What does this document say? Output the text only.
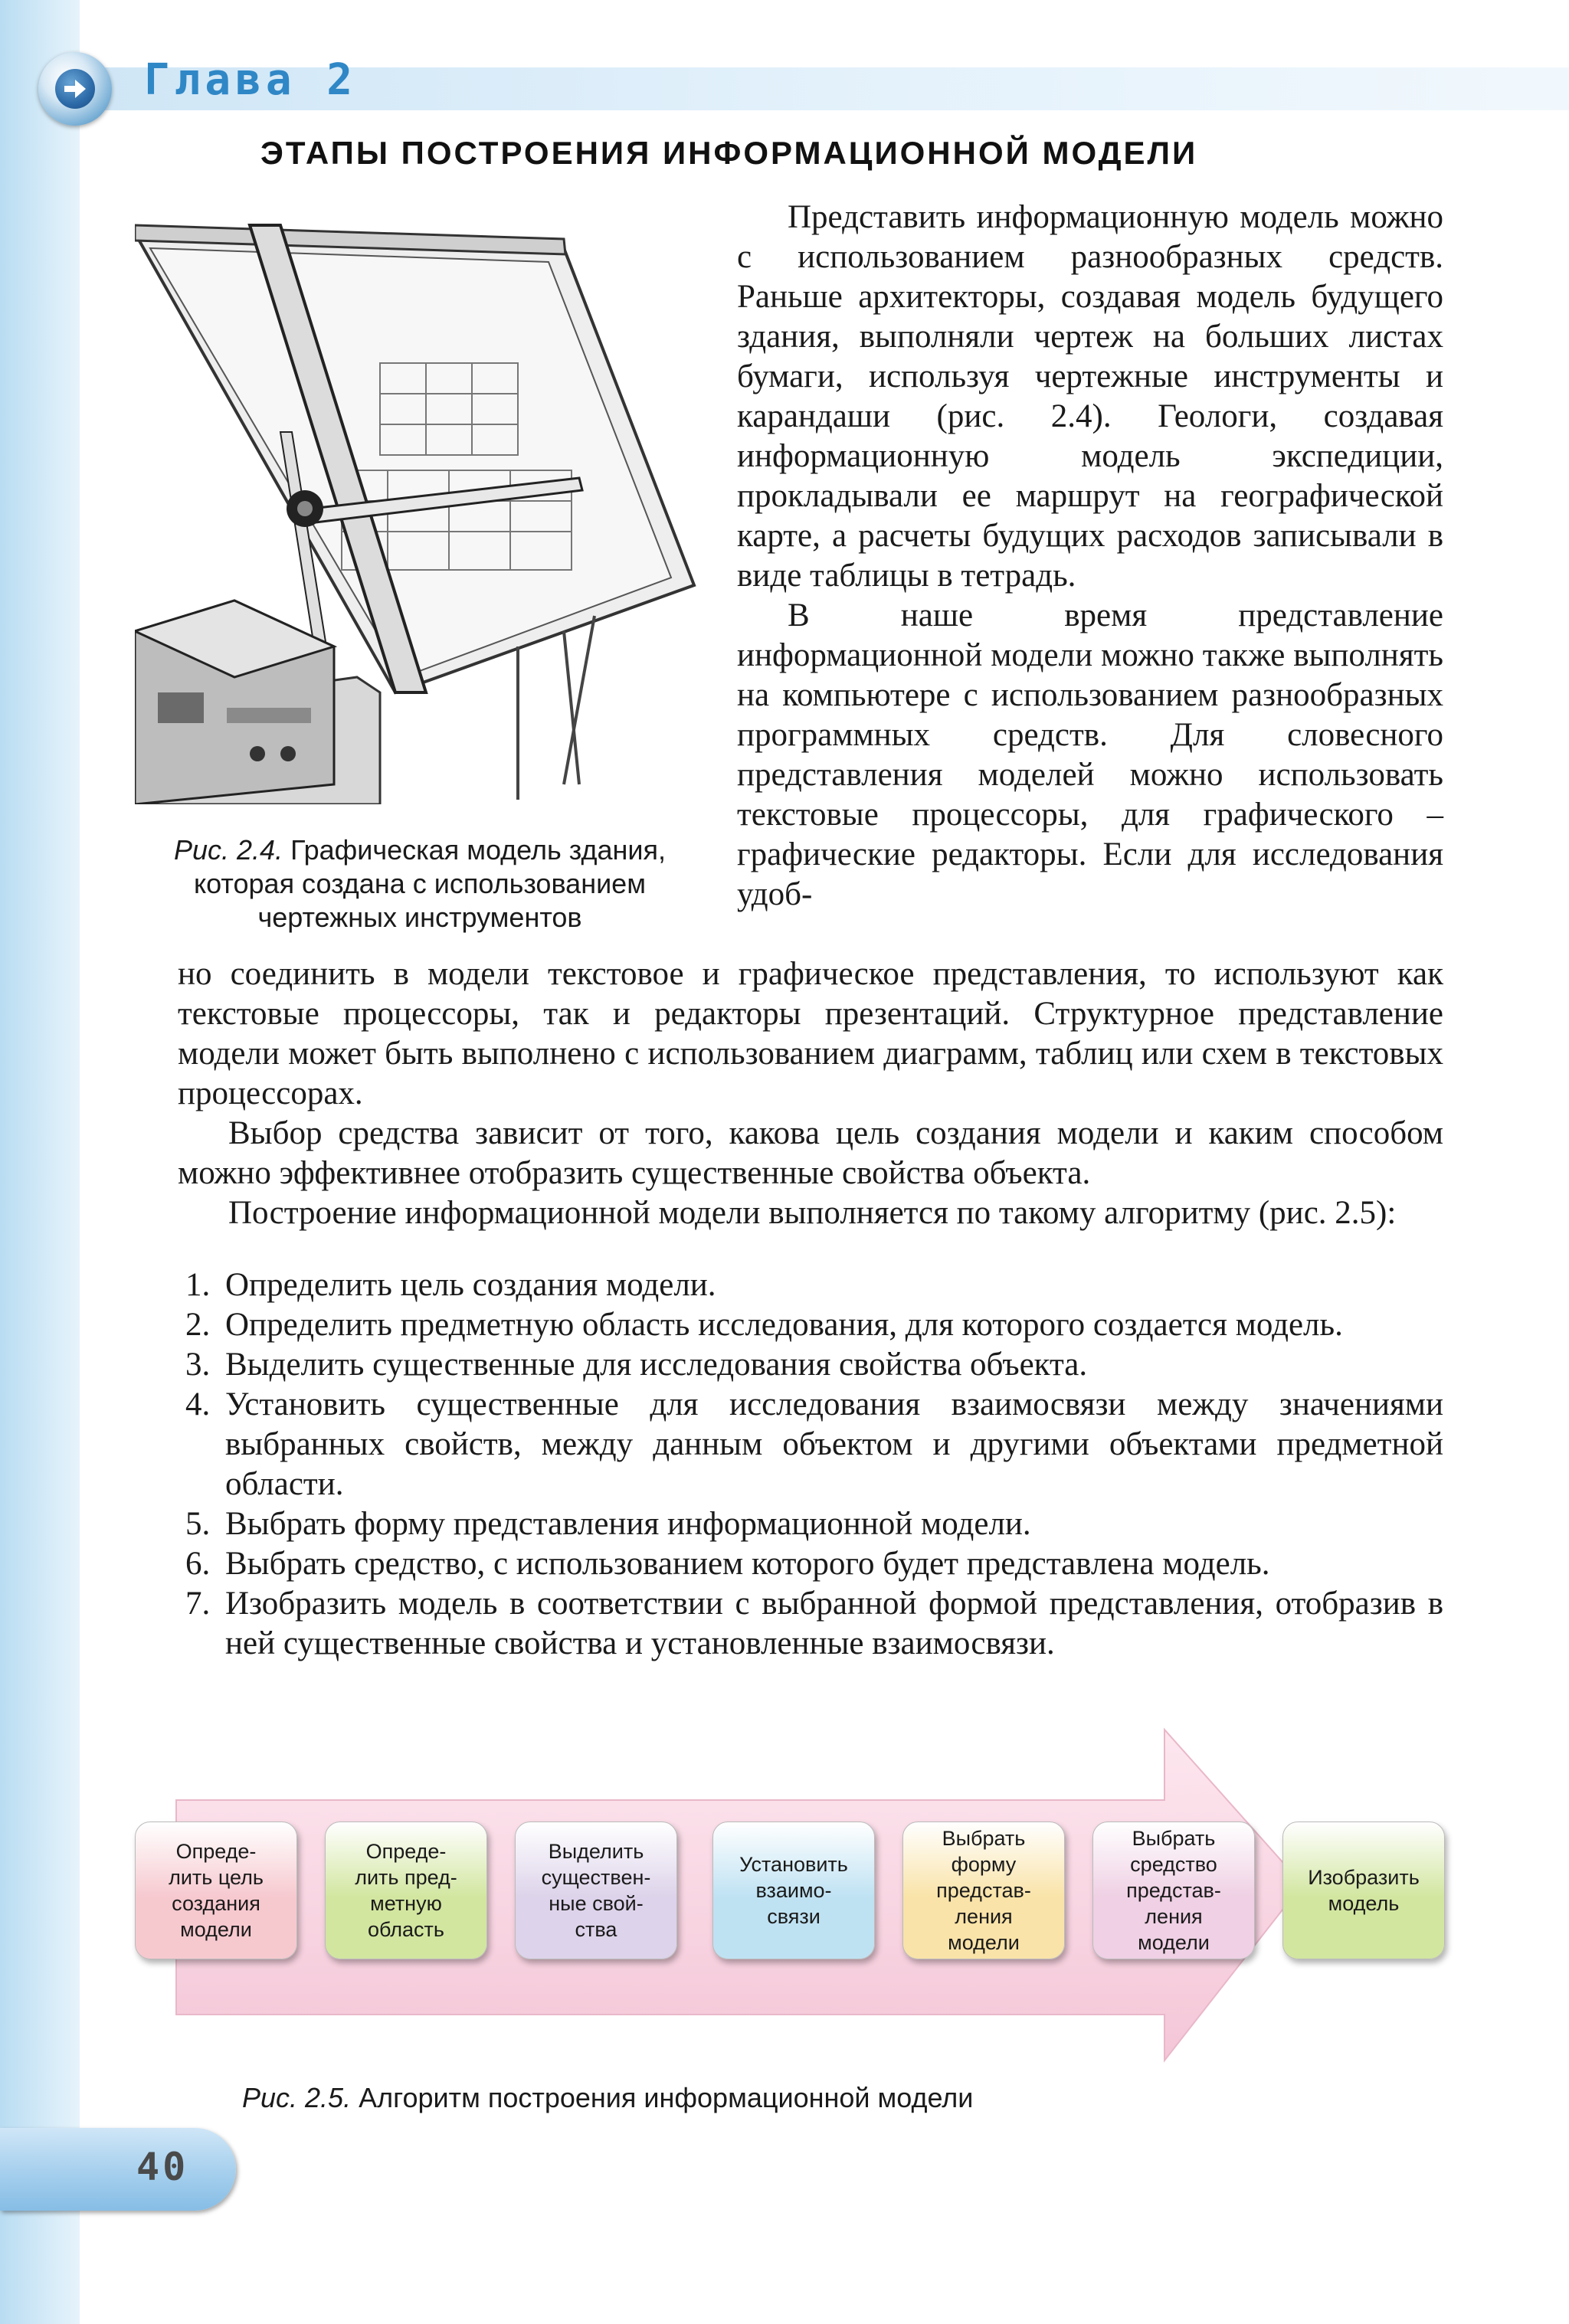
Глава 2
ЭТАПЫ ПОСТРОЕНИЯ ИНФОРМАЦИОННОЙ МОДЕЛИ
Рис. 2.4. Графическая модель здания, которая создана с использованием чертежных инструментов

Представить информационную модель можно с использованием разнообразных средств. Раньше архитекторы, создавая модель будущего здания, выполняли чертеж на больших листах бумаги, используя чертежные инструменты и карандаши (рис. 2.4). Геологи, создавая информационную модель экспедиции, прокладывали ее маршрут на географической карте, а расчеты будущих расходов записывали в виде таблицы в тетрадь.

В наше время представление информационной модели можно также выполнять на компьютере с использованием разнообразных программных средств. Для словесного представления моделей можно использовать текстовые процессоры, для графического – графические редакторы. Если для исследования удоб-

но соединить в модели текстовое и графическое представления, то используют как текстовые процессоры, так и редакторы презентаций. Структурное представление модели может быть выполнено с использованием диаграмм, таблиц или схем в текстовых процессорах.

Выбор средства зависит от того, какова цель создания модели и каким способом можно эффективнее отобразить существенные свойства объекта.

Построение информационной модели выполняется по такому алгоритму (рис. 2.5):

1. Определить цель создания модели.
2. Определить предметную область исследования, для которого создается модель.
3. Выделить существенные для исследования свойства объекта.
4. Установить существенные для исследования взаимосвязи между значениями выбранных свойств, между данным объектом и другими объектами предметной области.
5. Выбрать форму представления информационной модели.
6. Выбрать средство, с использованием которого будет представлена модель.
7. Изобразить модель в соответствии с выбранной формой представления, отобразив в ней существенные свойства и установленные взаимосвязи.
Опреде-
лить цель
создания
модели
Опреде-
лить пред-
метную
область
Выделить
существен-
ные свой-
ства
Установить
взаимо-
связи
Выбрать
форму
представ-
ления
модели
Выбрать
средство
представ-
ления
модели
Изобразить
модель
Рис. 2.5. Алгоритм построения информационной модели
40
